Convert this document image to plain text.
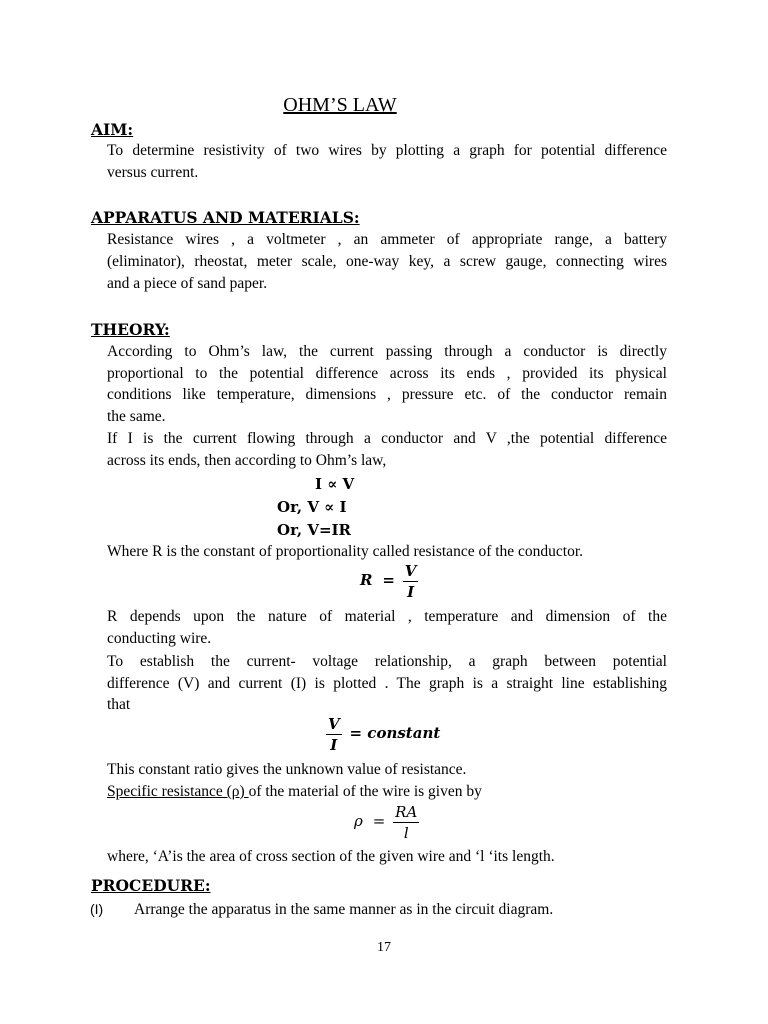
OHM’S LAW
AIM:
To determine resistivity of two wires by plotting a graph for potential difference
versus current.
APPARATUS AND MATERIALS:
Resistance wires , a voltmeter , an ammeter of appropriate range, a battery
(eliminator), rheostat, meter scale, one-way key, a screw gauge, connecting wires
and a piece of sand paper.
THEORY:
According to Ohm’s law, the current passing through a conductor is directly
proportional to the potential difference across its ends , provided its physical
conditions like temperature, dimensions , pressure etc. of the conductor remain
the same.
If I is the current flowing through a conductor and V ,the potential difference
across its ends, then according to Ohm’s law,
I ∝ V
Or, V ∝ I
Or, V=IR
Where R is the constant of proportionality called resistance of the conductor.
$R = \frac{V}{I}$
R depends upon the nature of material , temperature and dimension of the
conducting wire.
To establish the current- voltage relationship, a graph between potential
difference (V) and current (I) is plotted . The graph is a straight line establishing
that
$\frac{V}{I}$ = constant
This constant ratio gives the unknown value of resistance.
Specific resistance (ρ) of the material of the wire is given by
$\rho = \frac{RA}{l}$
where, ‘A’is the area of cross section of the given wire and ‘l ‘its length.
PROCEDURE:
(I) Arrange the apparatus in the same manner as in the circuit diagram.
17
